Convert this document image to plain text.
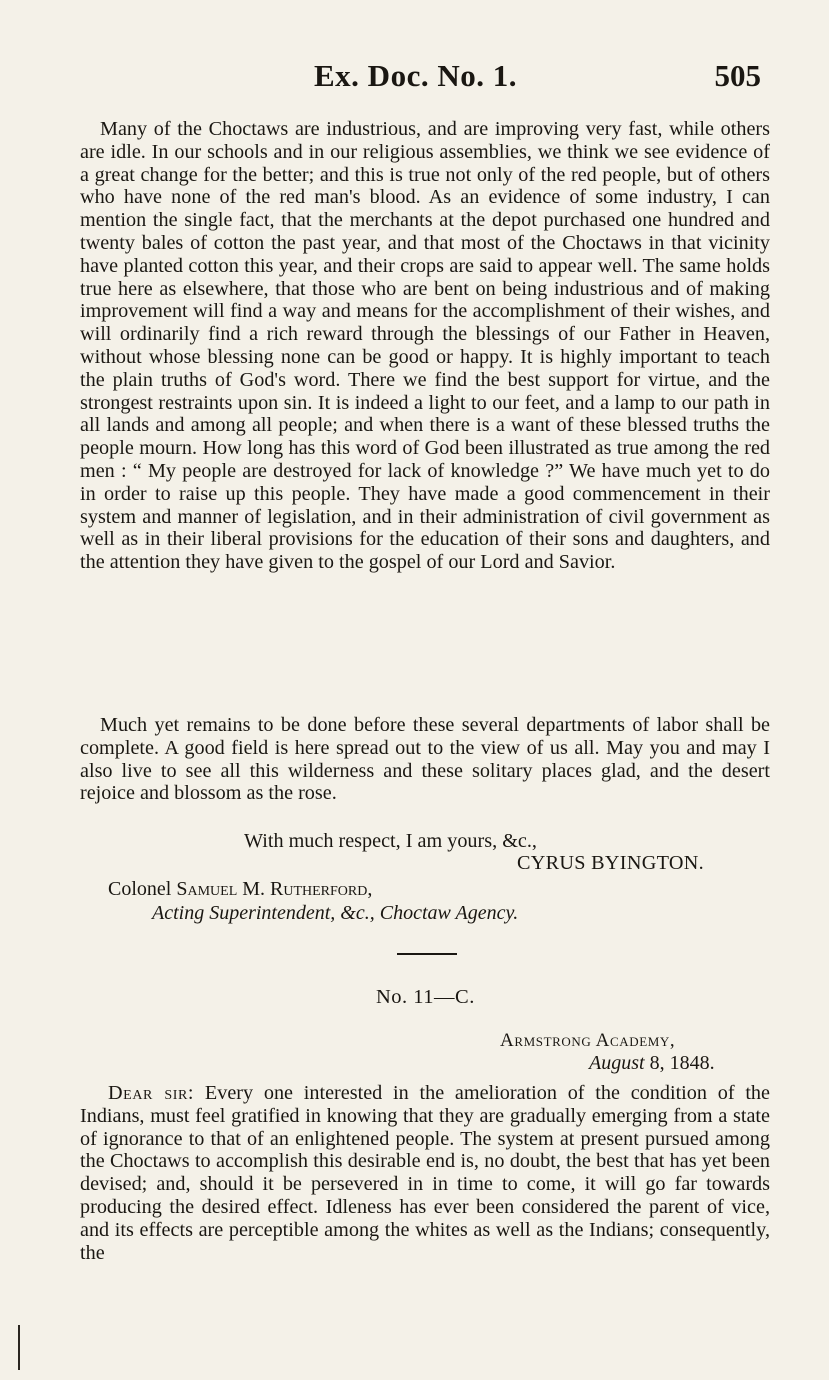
Ex. Doc. No. 1.	505

Many of the Choctaws are industrious, and are improving very fast, while others are idle. In our schools and in our religious assemblies, we think we see evidence of a great change for the better; and this is true not only of the red people, but of others who have none of the red man's blood. As an evidence of some industry, I can mention the single fact, that the merchants at the depot purchased one hundred and twenty bales of cotton the past year, and that most of the Choctaws in that vicinity have planted cotton this year, and their crops are said to appear well. The same holds true here as elsewhere, that those who are bent on being industrious and of making improvement will find a way and means for the accomplishment of their wishes, and will ordinarily find a rich reward through the blessings of our Father in Heaven, without whose blessing none can be good or happy. It is highly important to teach the plain truths of God's word. There we find the best support for virtue, and the strongest restraints upon sin. It is indeed a light to our feet, and a lamp to our path in all lands and among all people; and when there is a want of these blessed truths the people mourn. How long has this word of God been illustrated as true among the red men : “ My people are destroyed for lack of knowledge ?” We have much yet to do in order to raise up this people. They have made a good commencement in their system and manner of legislation, and in their administration of civil government as well as in their liberal provisions for the education of their sons and daughters, and the attention they have given to the gospel of our Lord and Savior.

Much yet remains to be done before these several departments of labor shall be complete. A good field is here spread out to the view of us all. May you and may I also live to see all this wilderness and these solitary places glad, and the desert rejoice and blossom as the rose.

With much respect, I am yours, &c.,
CYRUS BYINGTON.
Colonel Samuel M. Rutherford,
Acting Superintendent, &c., Choctaw Agency.
No. 11—C.
Armstrong Academy,
August 8, 1848.

Dear sir: Every one interested in the amelioration of the condition of the Indians, must feel gratified in knowing that they are gradually emerging from a state of ignorance to that of an enlightened people. The system at present pursued among the Choctaws to accomplish this desirable end is, no doubt, the best that has yet been devised; and, should it be persevered in in time to come, it will go far towards producing the desired effect. Idleness has ever been considered the parent of vice, and its effects are perceptible among the whites as well as the Indians; consequently, the
